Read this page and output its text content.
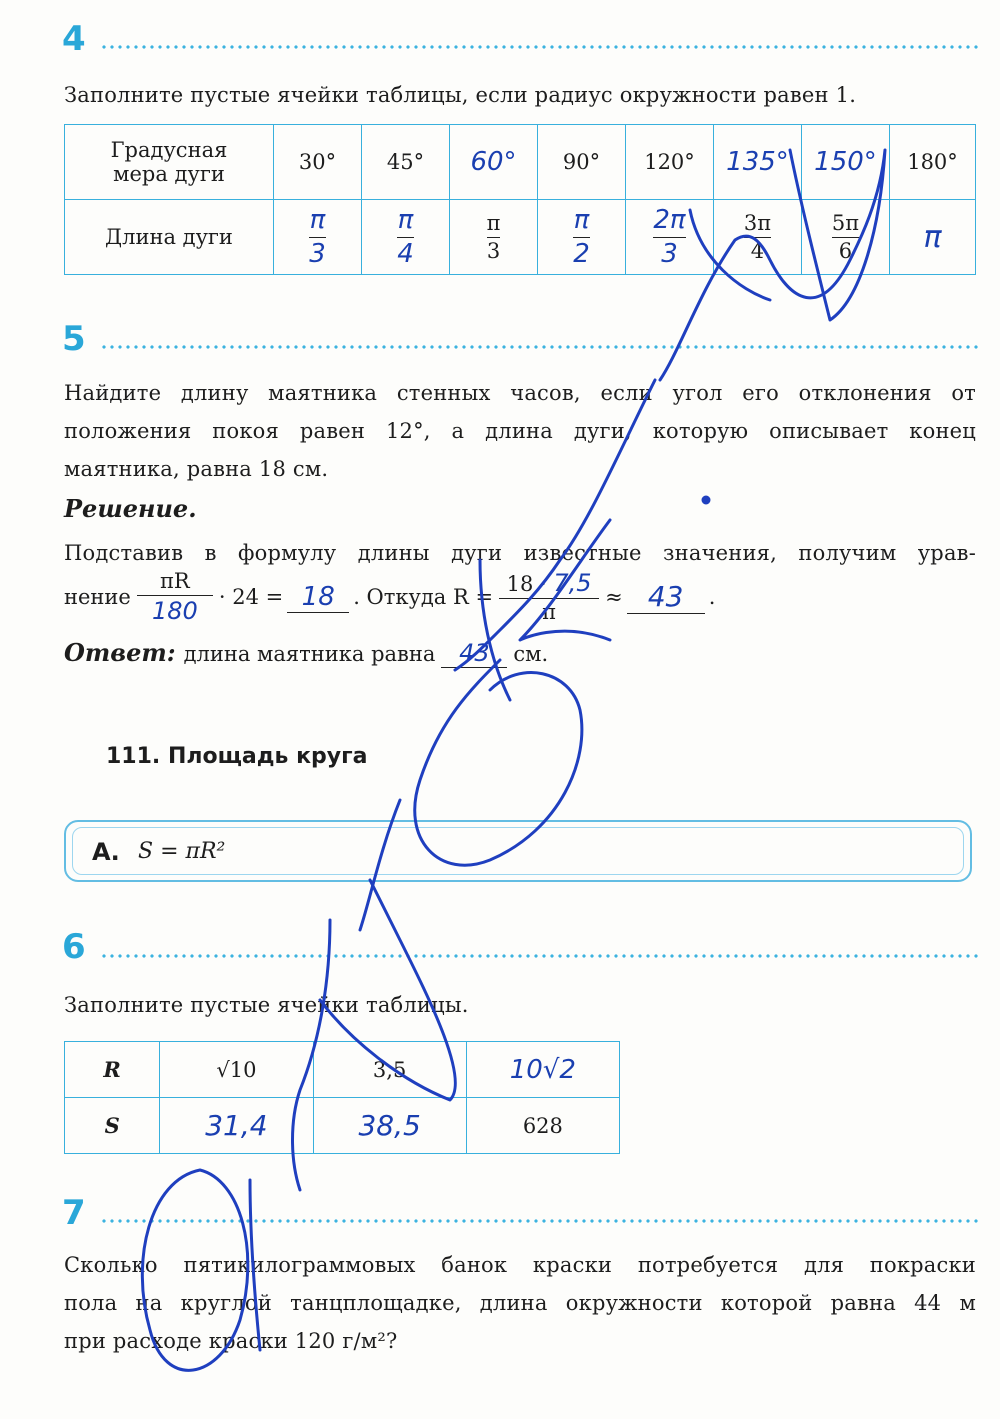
4
Заполните пустые ячейки таблицы, если радиус окружности равен 1.
Градусная
мера дуги	30°	45°	60°	90°	120°	135°	150°	180°
Длина дуги	$\frac{\pi}{3}$	$\frac{\pi}{4}$	$\frac{\pi}{3}$	$\frac{\pi}{2}$	$\frac{2\pi}{3}$	$\frac{3\pi}{4}$	$\frac{5\pi}{6}$	π
5
Найдите длину маятника стенных часов, если угол его отклонения от
положения покоя равен 12°, а длина дуги, которую описывает конец
маятника, равна 18 см.
Решение.
Подставив в формулу длины дуги известные значения, получим урав-
нение $\frac{\pi R}{180} \cdot 24 = 18$ . Откуда $R = \frac{18 \cdot 7,5}{\pi} \approx 43$	.
Ответ: длина маятника равна 43	см.
111. Площадь круга
А. S = πR²
6
Заполните пустые ячейки таблицы.
R	√10	3,5	10√2
S	31,4	38,5	628
7
Сколько пятикилограммовых банок краски потребуется для покраски
пола на круглой танцплощадке, длина окружности которой равна 44 м
при расходе краски 120 г/м²?
